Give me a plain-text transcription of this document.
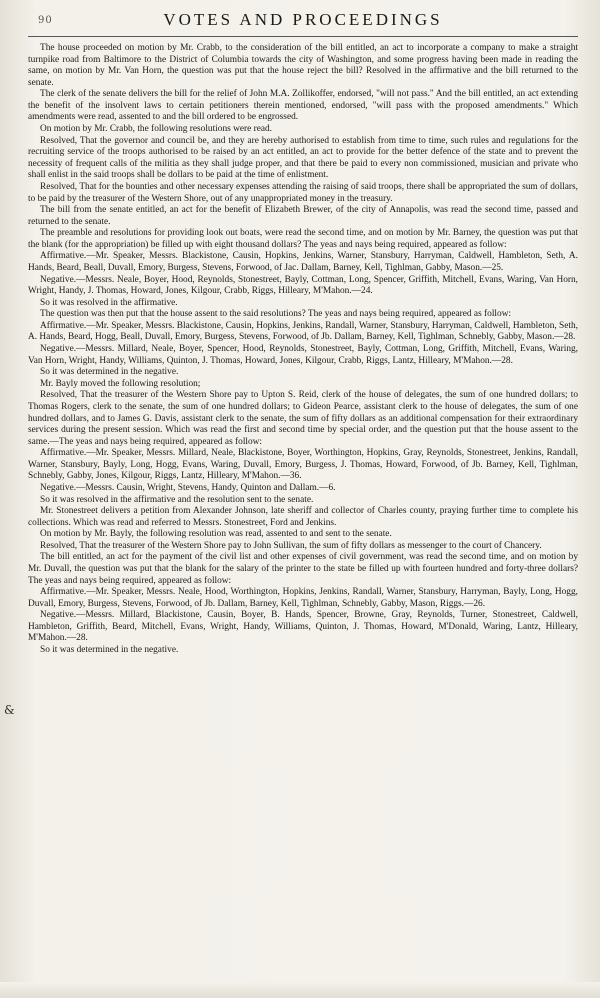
90	VOTES AND PROCEEDINGS
&

The house proceeded on motion by Mr. Crabb, to the consideration of the bill entitled, an act to incorporate a company to make a straight turnpike road from Baltimore to the District of Columbia towards the city of Washington, and some progress having been made in reading the same, on motion by Mr. Van Horn, the question was put that the house reject the bill? Resolved in the affirmative and the bill returned to the senate.

The clerk of the senate delivers the bill for the relief of John M.A. Zollikoffer, endorsed, "will not pass." And the bill entitled, an act extending the benefit of the insolvent laws to certain petitioners therein mentioned, endorsed, "will pass with the proposed amendments." Which amendments were read, assented to and the bill ordered to be engrossed.

On motion by Mr. Crabb, the following resolutions were read.

Resolved, That the governor and council be, and they are hereby authorised to establish from time to time, such rules and regulations for the recruiting service of the troops authorised to be raised by an act entitled, an act to provide for the better defence of the state and to prevent the necessity of frequent calls of the militia as they shall judge proper, and that there be paid to every non commissioned, musician and private who shall enlist in the said troops shall be dollars to be paid at the time of enlistment.

Resolved, That for the bounties and other necessary expenses attending the raising of said troops, there shall be appropriated the sum of dollars, to be paid by the treasurer of the Western Shore, out of any unappropriated money in the treasury.

The bill from the senate entitled, an act for the benefit of Elizabeth Brewer, of the city of Annapolis, was read the second time, passed and returned to the senate.

The preamble and resolutions for providing look out boats, were read the second time, and on motion by Mr. Barney, the question was put that the blank (for the appropriation) be filled up with eight thousand dollars? The yeas and nays being required, appeared as follow:

Affirmative.—Mr. Speaker, Messrs. Blackistone, Causin, Hopkins, Jenkins, Warner, Stansbury, Harryman, Caldwell, Hambleton, Seth, A. Hands, Beard, Beall, Duvall, Emory, Burgess, Stevens, Forwood, of Jac. Dallam, Barney, Kell, Tighlman, Gabby, Mason.—25.

Negative.—Messrs. Neale, Boyer, Hood, Reynolds, Stonestreet, Bayly, Cottman, Long, Spencer, Griffith, Mitchell, Evans, Waring, Van Horn, Wright, Handy, J. Thomas, Howard, Jones, Kilgour, Crabb, Riggs, Hilleary, M'Mahon.—24.

So it was resolved in the affirmative.

The question was then put that the house assent to the said resolutions? The yeas and nays being required, appeared as follow:

Affirmative.—Mr. Speaker, Messrs. Blackistone, Causin, Hopkins, Jenkins, Randall, Warner, Stansbury, Harryman, Caldwell, Hambleton, Seth, A. Hands, Beard, Hogg, Beall, Duvall, Emory, Burgess, Stevens, Forwood, of Jb. Dallam, Barney, Kell, Tighlman, Schnebly, Gabby, Mason.—28.

Negative.—Messrs. Millard, Neale, Boyer, Spencer, Hood, Reynolds, Stonestreet, Bayly, Cottman, Long, Griffith, Mitchell, Evans, Waring, Van Horn, Wright, Handy, Williams, Quinton, J. Thomas, Howard, Jones, Kilgour, Crabb, Riggs, Lantz, Hilleary, M'Mahon.—28.

So it was determined in the negative.

Mr. Bayly moved the following resolution;

Resolved, That the treasurer of the Western Shore pay to Upton S. Reid, clerk of the house of delegates, the sum of one hundred dollars; to Thomas Rogers, clerk to the senate, the sum of one hundred dollars; to Gideon Pearce, assistant clerk to the house of delegates, the sum of one hundred dollars, and to James G. Davis, assistant clerk to the senate, the sum of fifty dollars as an additional compensation for their extraordinary services during the present session. Which was read the first and second time by special order, and the question put that the house assent to the same.—The yeas and nays being required, appeared as follow:

Affirmative.—Mr. Speaker, Messrs. Millard, Neale, Blackistone, Boyer, Worthington, Hopkins, Gray, Reynolds, Stonestreet, Jenkins, Randall, Warner, Stansbury, Bayly, Long, Hogg, Evans, Waring, Duvall, Emory, Burgess, J. Thomas, Howard, Forwood, of Jb. Barney, Kell, Tighlman, Schnebly, Gabby, Jones, Kilgour, Riggs, Lantz, Hilleary, M'Mahon.—36.

Negative.—Messrs. Causin, Wright, Stevens, Handy, Quinton and Dallam.—6.

So it was resolved in the affirmative and the resolution sent to the senate.

Mr. Stonestreet delivers a petition from Alexander Johnson, late sheriff and collector of Charles county, praying further time to complete his collections. Which was read and referred to Messrs. Stonestreet, Ford and Jenkins.

On motion by Mr. Bayly, the following resolution was read, assented to and sent to the senate.

Resolved, That the treasurer of the Western Shore pay to John Sullivan, the sum of fifty dollars as messenger to the court of Chancery.

The bill entitled, an act for the payment of the civil list and other expenses of civil government, was read the second time, and on motion by Mr. Duvall, the question was put that the blank for the salary of the printer to the state be filled up with fourteen hundred and forty-three dollars? The yeas and nays being required, appeared as follow:

Affirmative.—Mr. Speaker, Messrs. Neale, Hood, Worthington, Hopkins, Jenkins, Randall, Warner, Stansbury, Harryman, Bayly, Long, Hogg, Duvall, Emory, Burgess, Stevens, Forwood, of Jb. Dallam, Barney, Kell, Tighlman, Schnebly, Gabby, Mason, Riggs.—26.

Negative.—Messrs. Millard, Blackistone, Causin, Boyer, B. Hands, Spencer, Browne, Gray, Reynolds, Turner, Stonestreet, Caldwell, Hambleton, Griffith, Beard, Mitchell, Evans, Wright, Handy, Williams, Quinton, J. Thomas, Howard, M'Donald, Waring, Lantz, Hilleary, M'Mahon.—28.

So it was determined in the negative.
